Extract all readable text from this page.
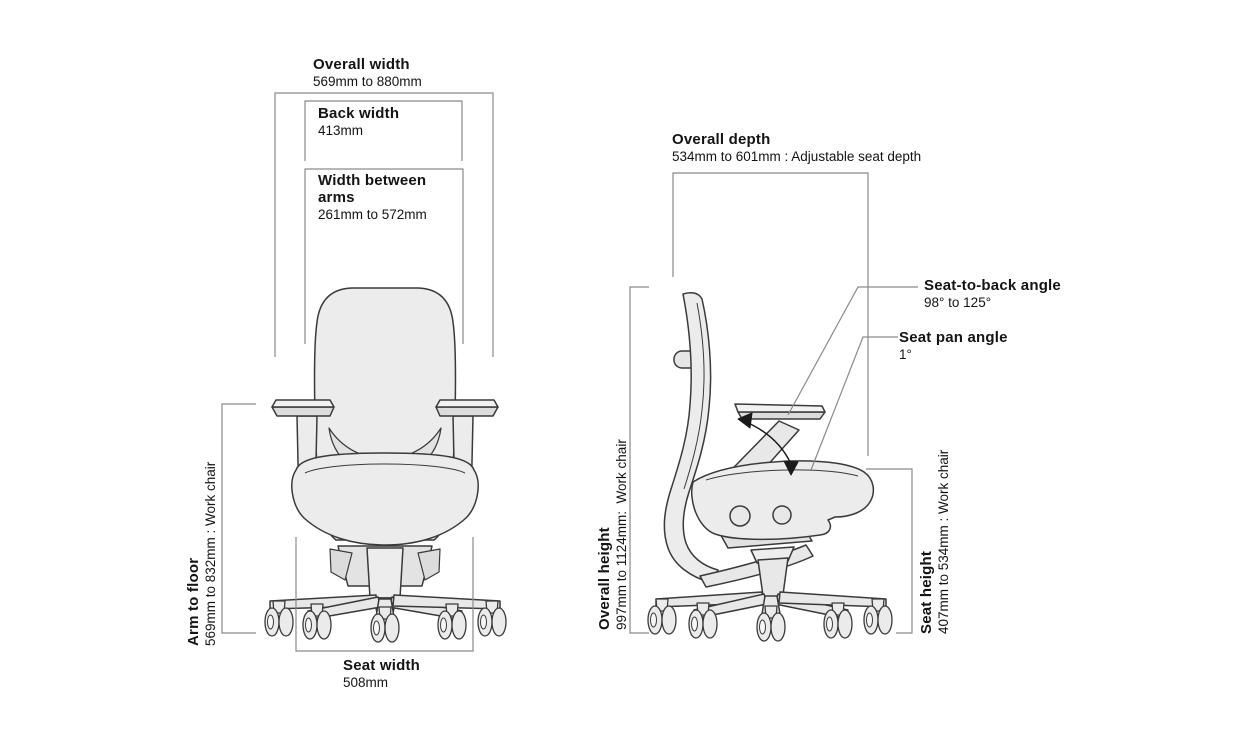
Overall width
569mm to 880mm
Back width
413mm
Width between arms
261mm to 572mm
Arm to floor 569mm to 832mm : Work chair
Seat width
508mm
Overall depth
534mm to 601mm : Adjustable seat depth
Seat-to-back angle
98° to 125°
Seat pan angle
1°
Overall height 997mm to 1124mm:  Work chair	Seat height 407mm to 534mm : Work chair
